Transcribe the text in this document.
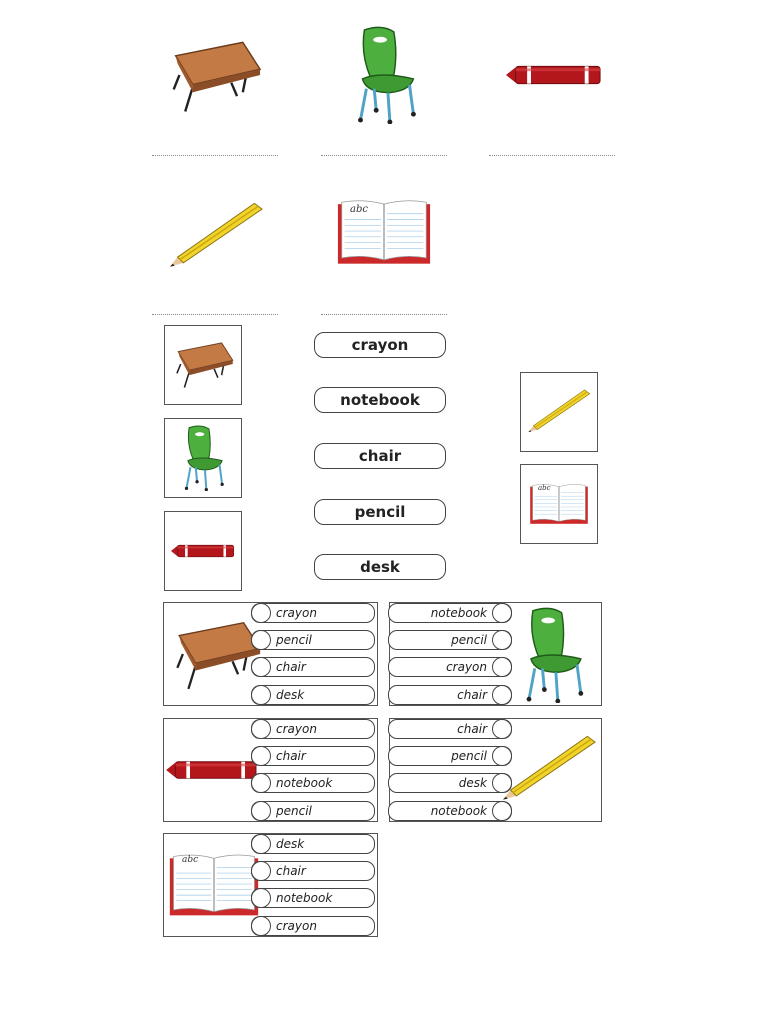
abc
crayon
notebook
chair
pencil
desk
abc
crayon
pencil
chair
desk
notebook
pencil
crayon
chair
crayon
chair
notebook
pencil
chair
pencil
desk
notebook
abc
desk
chair
notebook
crayon
